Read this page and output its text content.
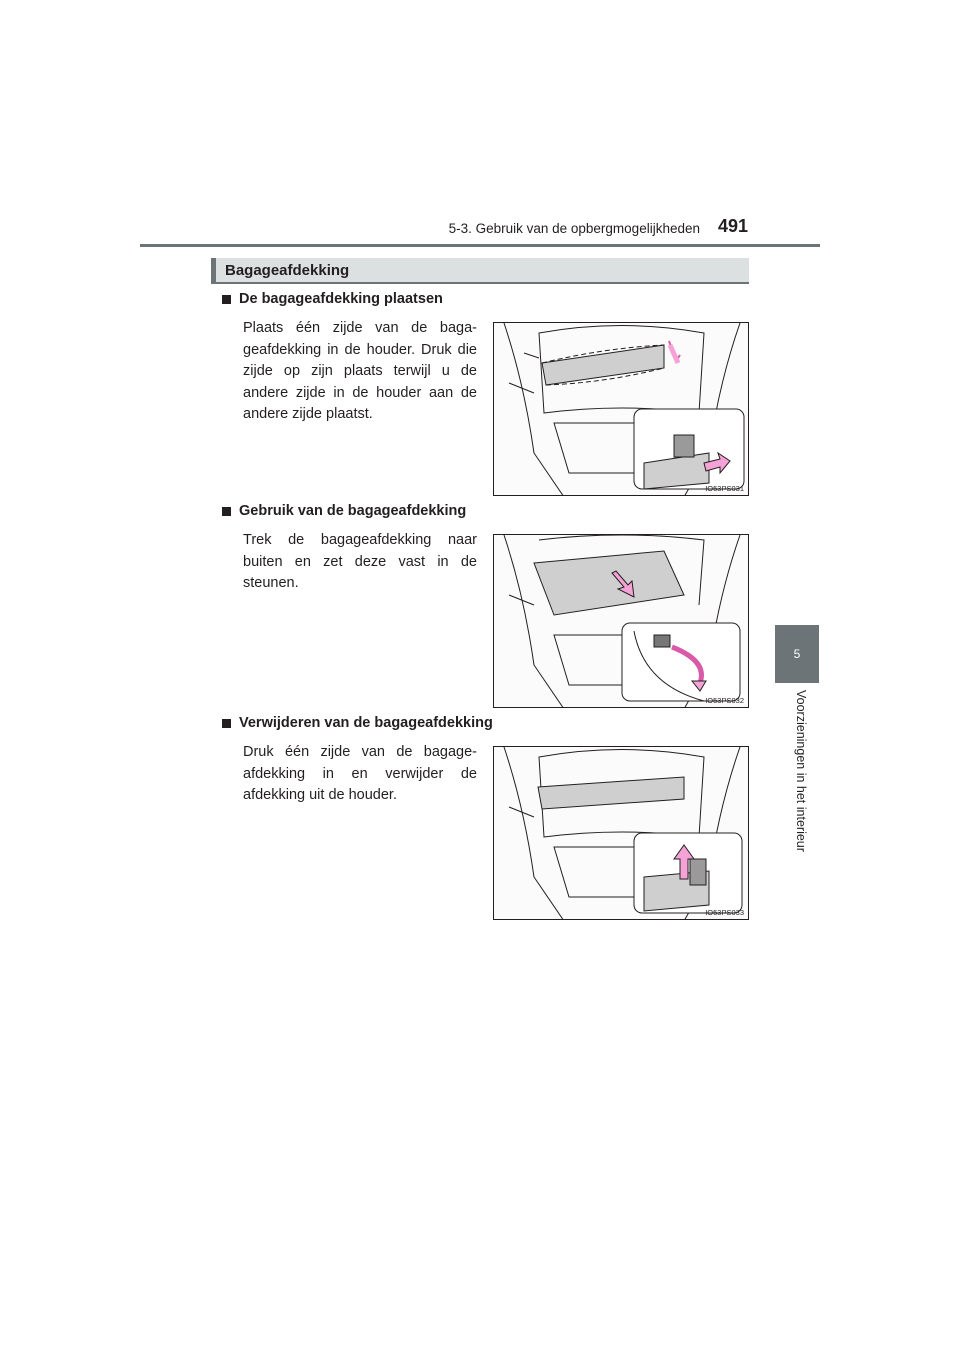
5-3. Gebruik van de opbergmogelijkheden 491
5
Voorzieningen in het interieur
Bagageafdekking
De bagageafdekking plaatsen
Plaats één zijde van de baga-geafdekking in de houder. Druk die zijde op zijn plaats terwijl u de andere zijde in de houder aan de andere zijde plaatst.
IO53PS031
Gebruik van de bagageafdekking
Trek de bagageafdekking naar buiten en zet deze vast in de steunen.
IO53PS032
Verwijderen van de bagageafdekking
Druk één zijde van de bagage-afdekking in en verwijder de afdekking uit de houder.
IO53PS033
